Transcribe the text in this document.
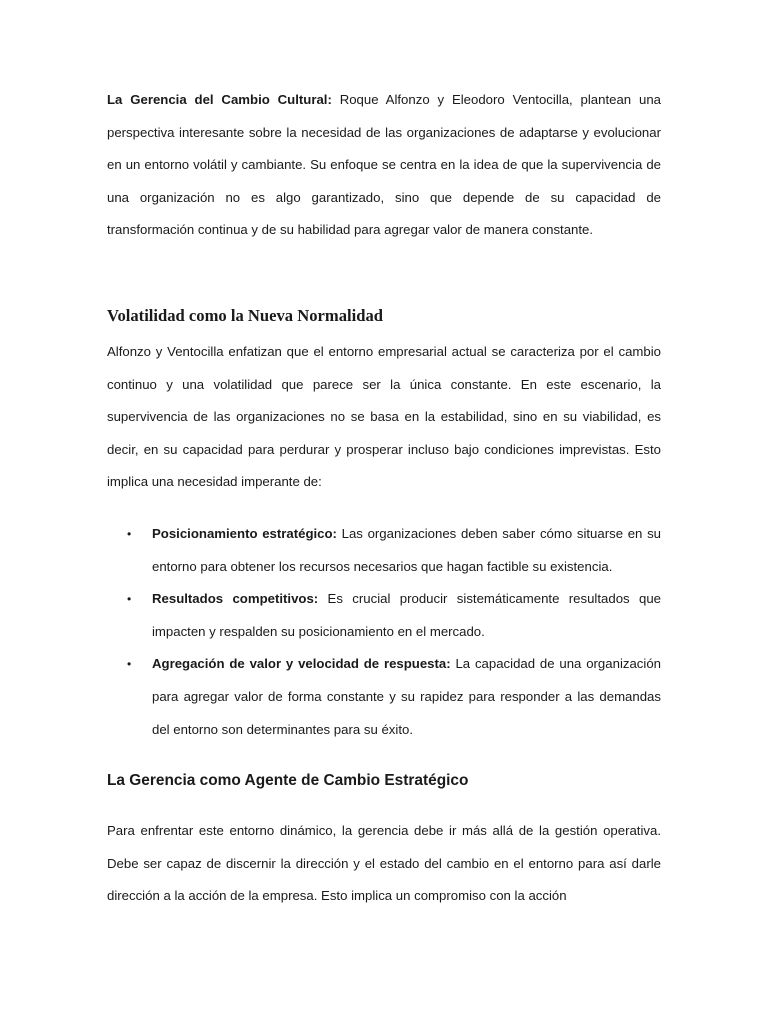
La Gerencia del Cambio Cultural: Roque Alfonzo y Eleodoro Ventocilla, plantean una perspectiva interesante sobre la necesidad de las organizaciones de adaptarse y evolucionar en un entorno volátil y cambiante. Su enfoque se centra en la idea de que la supervivencia de una organización no es algo garantizado, sino que depende de su capacidad de transformación continua y de su habilidad para agregar valor de manera constante.

Volatilidad como la Nueva Normalidad

Alfonzo y Ventocilla enfatizan que el entorno empresarial actual se caracteriza por el cambio continuo y una volatilidad que parece ser la única constante. En este escenario, la supervivencia de las organizaciones no se basa en la estabilidad, sino en su viabilidad, es decir, en su capacidad para perdurar y prosperar incluso bajo condiciones imprevistas. Esto implica una necesidad imperante de:

• Posicionamiento estratégico: Las organizaciones deben saber cómo situarse en su entorno para obtener los recursos necesarios que hagan factible su existencia.
• Resultados competitivos: Es crucial producir sistemáticamente resultados que impacten y respalden su posicionamiento en el mercado.
• Agregación de valor y velocidad de respuesta: La capacidad de una organización para agregar valor de forma constante y su rapidez para responder a las demandas del entorno son determinantes para su éxito.
La Gerencia como Agente de Cambio Estratégico

Para enfrentar este entorno dinámico, la gerencia debe ir más allá de la gestión operativa. Debe ser capaz de discernir la dirección y el estado del cambio en el entorno para así darle dirección a la acción de la empresa. Esto implica un compromiso con la acción
